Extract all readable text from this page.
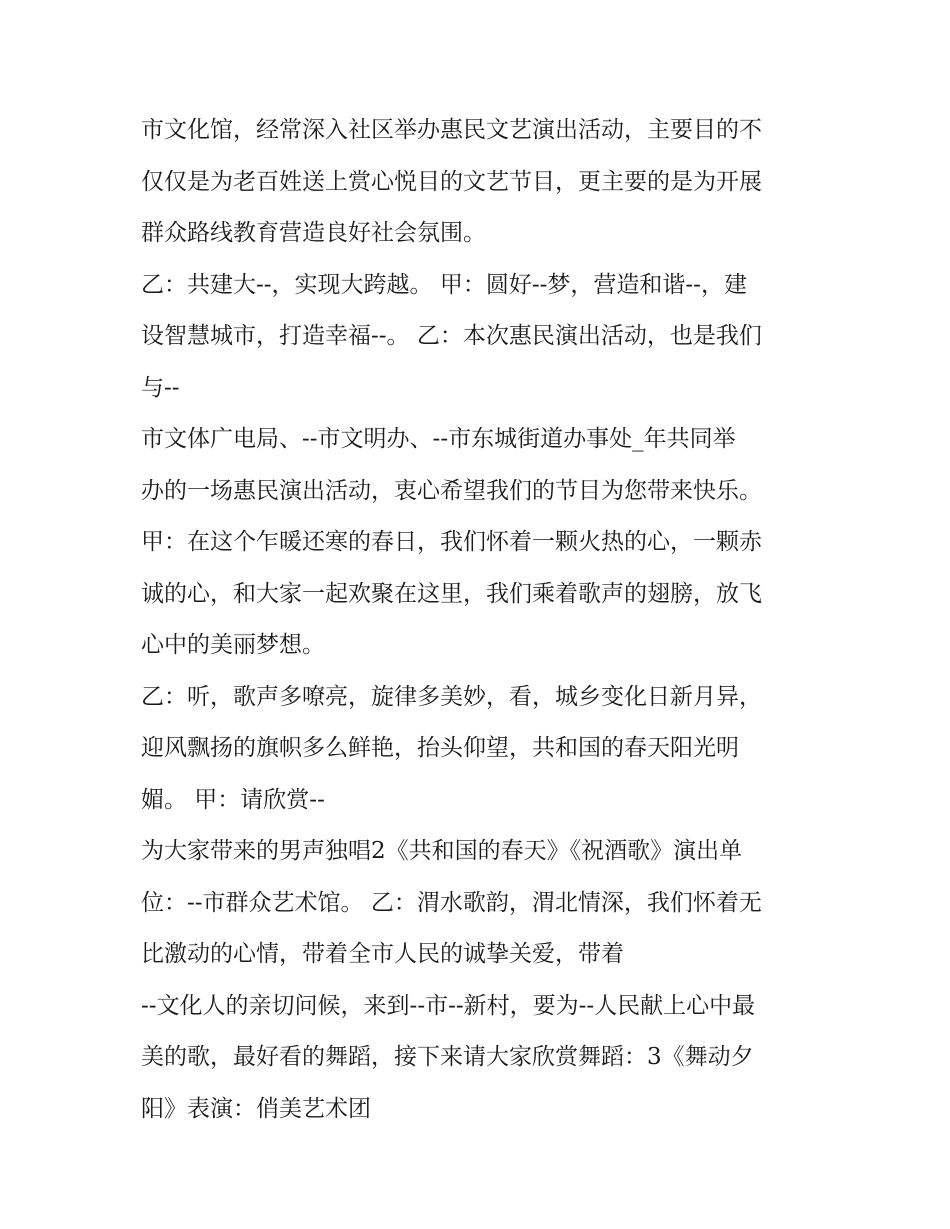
市文化馆，经常深入社区举办惠民文艺演出活动，主要目的不
仅仅是为老百姓送上赏心悦目的文艺节目，更主要的是为开展
群众路线教育营造良好社会氛围。
乙：共建大--，实现大跨越。 甲：圆好--梦，营造和谐--，建
设智慧城市，打造幸福--。 乙：本次惠民演出活动，也是我们
与--
市文体广电局、--市文明办、--市东城街道办事处_年共同举
办的一场惠民演出活动，衷心希望我们的节目为您带来快乐。
甲：在这个乍暖还寒的春日，我们怀着一颗火热的心，一颗赤
诚的心，和大家一起欢聚在这里，我们乘着歌声的翅膀，放飞
心中的美丽梦想。
乙：听，歌声多嘹亮，旋律多美妙，看，城乡变化日新月异，
迎风飘扬的旗帜多么鲜艳，抬头仰望，共和国的春天阳光明
媚。 甲：请欣赏--
为大家带来的男声独唱2《共和国的春天》《祝酒歌》演出单
位：--市群众艺术馆。 乙：渭水歌韵，渭北情深，我们怀着无
比激动的心情，带着全市人民的诚挚关爱，带着
--文化人的亲切问候，来到--市--新村，要为--人民献上心中最
美的歌，最好看的舞蹈，接下来请大家欣赏舞蹈：3《舞动夕
阳》表演：俏美艺术团
